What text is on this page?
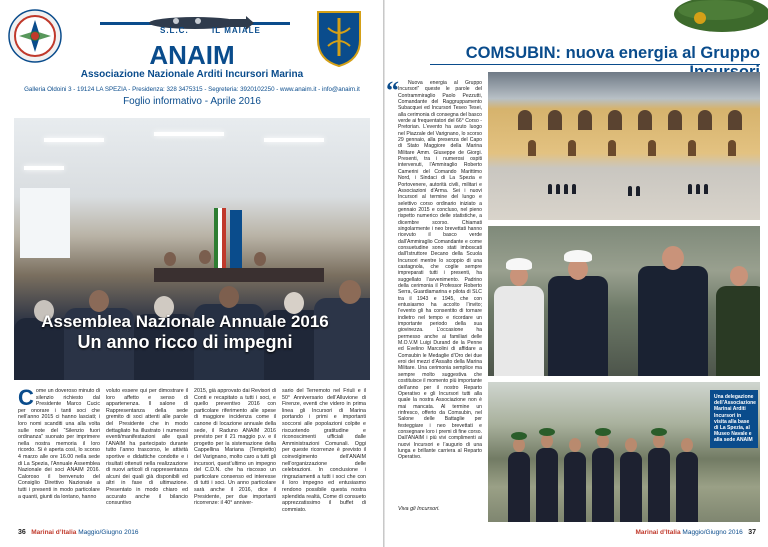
S.L.C.	IL MAIALE
ANAIM
Associazione Nazionale Arditi Incursori Marina
Galleria Oldoini 3 - 19124 LA SPEZIA - Presidenza: 328 3475315 - Segreteria: 3920102250 - www.anaim.it - info@anaim.it
Foglio informativo - Aprile 2016
Assemblea Nazionale Annuale 2016
Un anno ricco di impegni
C ome un doveroso minuto di silenzio richiesto dal Presidente Marco Cucic per onorare i tanti soci che nell’anno 2015 ci hanno lasciati; i loro nomi scanditi una alla volta sulle note del “Silenzio fuori ordinanza” suonato per imprimere nella nostra memoria il loro ricordo. Si è aperta così, lo scorso 4 marzo alle ore 16.00 nella sede di La Spezia, l’Annuale Assemblea Nazionale dei soci ANAIM 2016. Caloroso il benvenuto del Consiglio Direttivo Nazionale a tutti i presenti in modo particolare a quanti, giunti da lontano, hanno

voluto essere qui per dimostrare il loro affetto e senso di appartenenza. Il salone di Rappresentanza della sede gremito di soci attenti alle parole del Presidente che in modo dettagliato ha illustrato i numerosi eventi/manifestazioni alle quali l’ANAIM ha partecipato durante tutto l’anno trascorso, le attività sportive e didattiche condotte e i risultati ottenuti nella realizzazione di nuovi articoli di rappresentanza alcuni dei quali già disponibili ed altri in fase di ultimazione. Presentato in modo chiaro ed accurato anche il bilancio consuntivo

2015, già approvato dai Revisori di Conti e recapitato a tutti i soci, e quello preventivo 2016 con particolare riferimento alle spese di maggiore incidenza come il canone di locazione annuale della sede, il Raduno ANAIM 2016 previsto per il 21 maggio p.v. e il progetto per la sistemazione della Cappellina Mariana (Tempietto) del Varignano, molto caro a tutti gli incursori, quest’ultimo un impegno del C.D.N. che ha riscosso un particolare consenso ed interesse di tutti i soci. Un anno particolare sarà anche il 2016, dice il Presidente, per due importanti ricorrenze: il 40° anniver-

sario del Terremoto nel Friuli e il 50° Anniversario dell’Alluvione di Firenze, eventi che videro in prima linea gli Incursori di Marina portando i primi e importanti soccorsi alle popolazioni colpite e riscuotendo gratitudine e riconoscimenti ufficiali dalle Amministrazioni Comunali. Oggi per queste ricorrenze è previsto il coinvolgimento dell’ANAIM nell’organizzazione delle celebrazioni. In conclusione i ringraziamenti a tutti i soci che con il loro impegno ed entusiasmo rendono possibile questa nostra splendida realtà, Come di consueto apprezzatissimo il buffet di commiato.

36 Marinai d’Italia Maggio/Giugno 2016
COMSUBIN: nuova energia al Gruppo
“	Nuova energia al Gruppo Incursori” queste le parole del Contrammiraglio Paolo Pezzutti, Comandante del Raggruppamento Subacquei ed Incursori Teseo Tesei, alla cerimonia di consegna del basco verde ai frequentatori del 66° Corso - Pretorian. L’evento ha avuto luogo nel Piazzale del Varignano, lo scorso 29 gennaio, alla presenza del Capo di Stato Maggiore della Marina Militare Amm. Giuseppe de Giorgi. Presenti, tra i numerosi ospiti intervenuti, l’Ammiraglio Roberto Camerini del Comando Marittimo Nord, i Sindaci di La Spezia e Portovenere, autorità civili, militari e Associazioni d’Arma. Sei i nuovi Incursori al termine del lungo e selettivo corso ordinario iniziato a gennaio 2015 e concluso, nel pieno rispetto numerico delle statistiche, a dicembre scorso. Chiamati singolarmente i neo brevettati hanno ricevuto il basco verde dall’Ammiraglio Comandante e come consuetudine sono stati imboscati dall’Istruttore Decano della Scuola Incursori mentre lo scoppio di una castagnola, che coglie sempre impreparati tutti i presenti, ha suggellato l’avvenimento. Padrino della cerimonia il Professor Roberto Serra, Guardiamarina e pilota di SLC tra il 1943 e 1945, che con entusiasmo ha accolto l’invito; l’evento gli ha consentito di tornare indietro nel tempo e ricordare un importante periodo della sua giovinezza. L’occasione ha permesso anche ai familiari delle M.O.V.M Luigi Durand de la Penne ed Evelino Marcolini di affidare a Comsubin le Medaglie d’Oro dei due eroi dei mezzi d’Assalto della Marina Militare. Una cerimonia semplice ma sempre molto suggestiva che costituisce il momento più importante dell’anno per il nostro Reparto Operativo e gli Incursori tutti alla quale la nostra Associazione non è mai mancata. Al termine un rinfresco, offerto da Comsubin, nel Salone delle Battaglie per festeggiare i neo brevettati e consegnare loro i premi di fine corso. Dall’ANAIM i più vivi complimenti ai nuovi Incursori e l’augurio di una lunga e brillante carriera al Reparto Operativo.

Viva gli Incursori.
Una delegazione dell’Associazione Marinai Arditi Incursori in visita alla base di La Spezia, al Museo Navale e alla sede ANAIM
Marinai d’Italia Maggio/Giugno 2016 37
